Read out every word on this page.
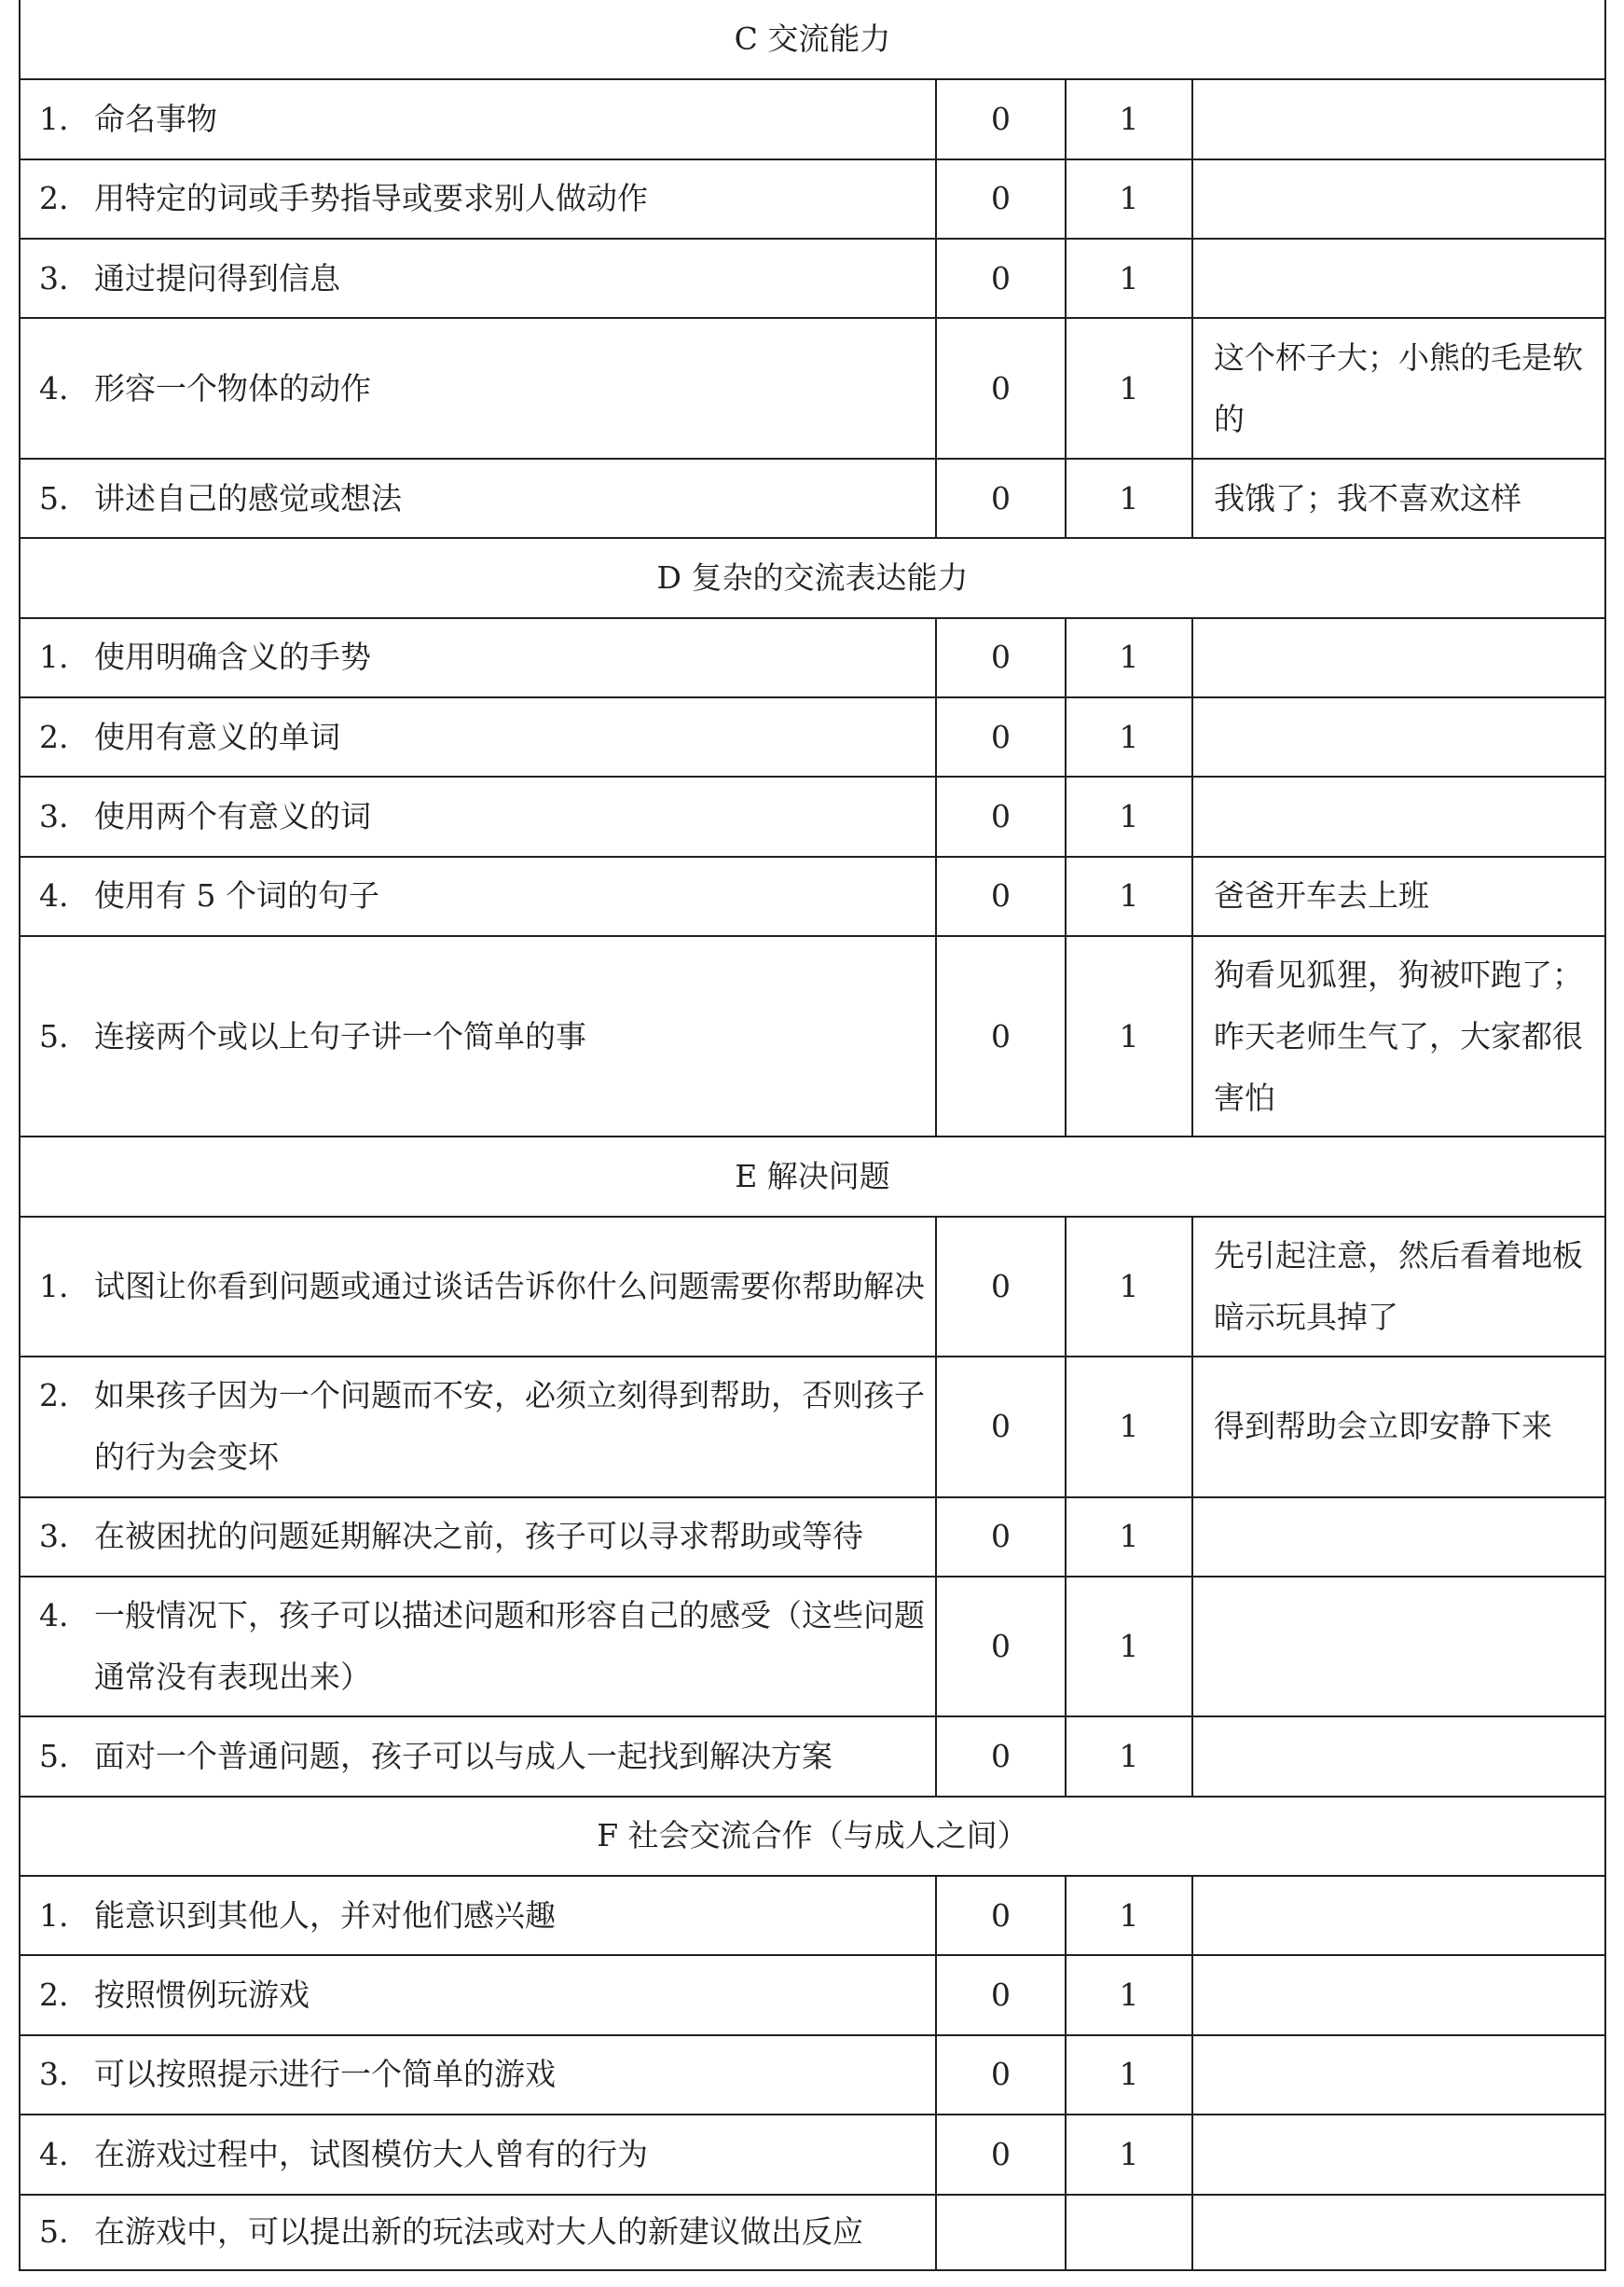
C 交流能力			

1. 命名事物	0	1	

2. 用特定的词或手势指导或要求别人做动作	0	1	

3. 通过提问得到信息	0	1	

4. 形容一个物体的动作	0	1	这个杯子大；小熊的毛是软的

5. 讲述自己的感觉或想法	0	1	我饿了；我不喜欢这样
D 复杂的交流表达能力			

1. 使用明确含义的手势	0	1	

2. 使用有意义的单词	0	1	

3. 使用两个有意义的词	0	1	

4. 使用有 5 个词的句子	0	1	爸爸开车去上班

5. 连接两个或以上句子讲一个简单的事	0	1	狗看见狐狸，狗被吓跑了；昨天老师生气了，大家都很害怕
E 解决问题			

1. 试图让你看到问题或通过谈话告诉你什么问题需要你帮助解决	0	1	先引起注意，然后看着地板暗示玩具掉了

2. 如果孩子因为一个问题而不安，必须立刻得到帮助，否则孩子的行为会变坏	0	1	得到帮助会立即安静下来

3. 在被困扰的问题延期解决之前，孩子可以寻求帮助或等待	0	1	

4. 一般情况下，孩子可以描述问题和形容自己的感受（这些问题通常没有表现出来）	0	1	

5. 面对一个普通问题，孩子可以与成人一起找到解决方案	0	1	
F 社会交流合作（与成人之间）			

1. 能意识到其他人，并对他们感兴趣	0	1	

2. 按照惯例玩游戏	0	1	

3. 可以按照提示进行一个简单的游戏	0	1	

4. 在游戏过程中，试图模仿大人曾有的行为	0	1	

5. 在游戏中，可以提出新的玩法或对大人的新建议做出反应			
